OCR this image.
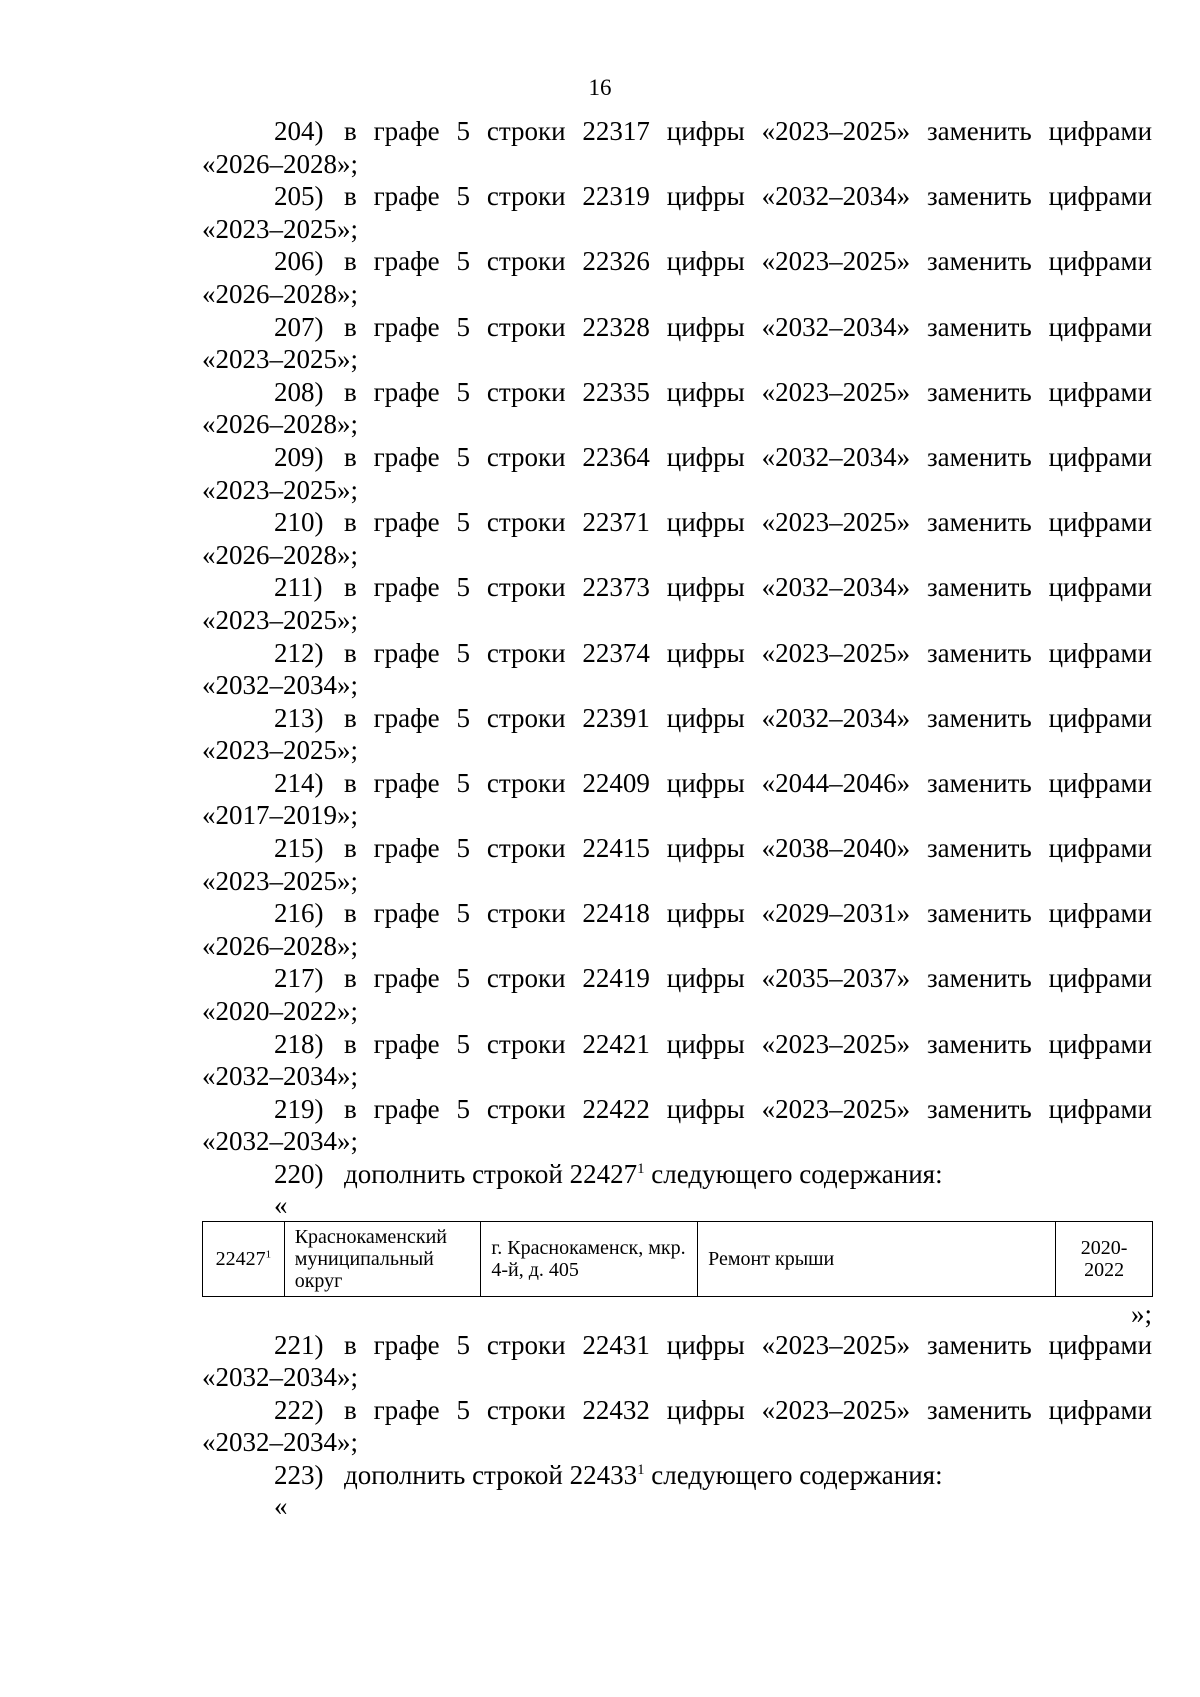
16

204) в графе 5 строки 22317 цифры «2023–2025» заменить цифрами «2026–2028»;

205) в графе 5 строки 22319 цифры «2032–2034» заменить цифрами «2023–2025»;

206) в графе 5 строки 22326 цифры «2023–2025» заменить цифрами «2026–2028»;

207) в графе 5 строки 22328 цифры «2032–2034» заменить цифрами «2023–2025»;

208) в графе 5 строки 22335 цифры «2023–2025» заменить цифрами «2026–2028»;

209) в графе 5 строки 22364 цифры «2032–2034» заменить цифрами «2023–2025»;

210) в графе 5 строки 22371 цифры «2023–2025» заменить цифрами «2026–2028»;

211) в графе 5 строки 22373 цифры «2032–2034» заменить цифрами «2023–2025»;

212) в графе 5 строки 22374 цифры «2023–2025» заменить цифрами «2032–2034»;

213) в графе 5 строки 22391 цифры «2032–2034» заменить цифрами «2023–2025»;

214) в графе 5 строки 22409 цифры «2044–2046» заменить цифрами «2017–2019»;

215) в графе 5 строки 22415 цифры «2038–2040» заменить цифрами «2023–2025»;

216) в графе 5 строки 22418 цифры «2029–2031» заменить цифрами «2026–2028»;

217) в графе 5 строки 22419 цифры «2035–2037» заменить цифрами «2020–2022»;

218) в графе 5 строки 22421 цифры «2023–2025» заменить цифрами «2032–2034»;

219) в графе 5 строки 22422 цифры «2023–2025» заменить цифрами «2032–2034»;

220) дополнить строкой 22427$^1$ следующего содержания:

«

22427$^1$	Краснокаменский муниципальный округ	г. Краснокаменск, мкр. 4-й, д. 405	Ремонт крыши	2020-2022

»;

221) в графе 5 строки 22431 цифры «2023–2025» заменить цифрами «2032–2034»;

222) в графе 5 строки 22432 цифры «2023–2025» заменить цифрами «2032–2034»;

223) дополнить строкой 22433$^1$ следующего содержания:

«
